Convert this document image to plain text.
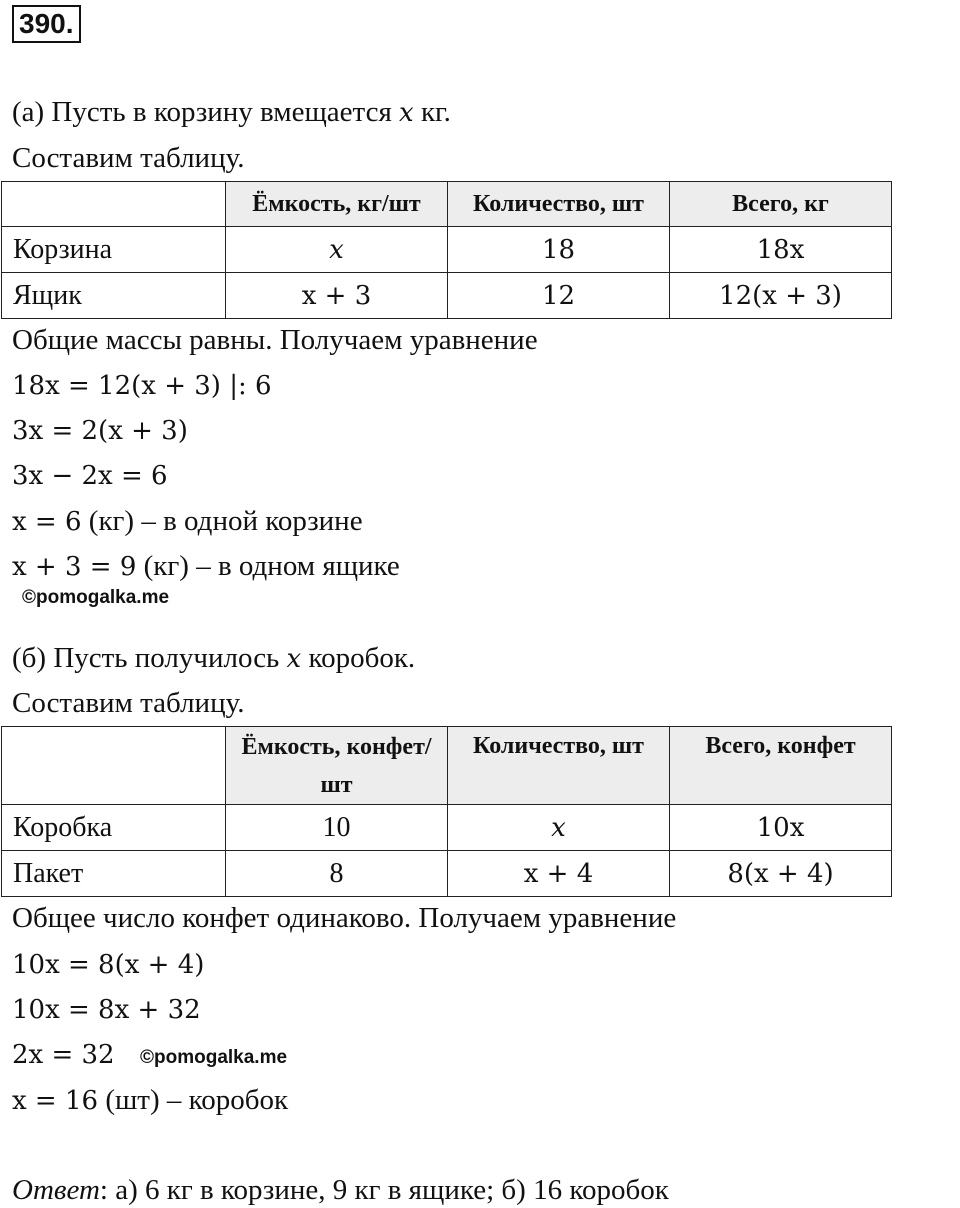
390.
(а) Пусть в корзину вмещается x кг.
Составим таблицу.
	Ёмкость, кг/шт	Количество, шт	Всего, кг
Корзина	x	18	18x
Ящик	x + 3	12	12(x + 3)
Общие массы равны. Получаем уравнение
18x = 12(x + 3) |: 6
3x = 2(x + 3)
3x − 2x = 6
x = 6 (кг) – в одной корзине
x + 3 = 9 (кг) – в одном ящике
©pomogalka.me
(б) Пусть получилось x коробок.
Составим таблицу.
	Ёмкость, конфет/шт	Количество, шт	Всего, конфет
Коробка	10	x	10x
Пакет	8	x + 4	8(x + 4)
Общее число конфет одинаково. Получаем уравнение
10x = 8(x + 4)
10x = 8x + 32
2x = 32 ©pomogalka.me
x = 16 (шт) – коробок
Ответ: а) 6 кг в корзине, 9 кг в ящике; б) 16 коробок
